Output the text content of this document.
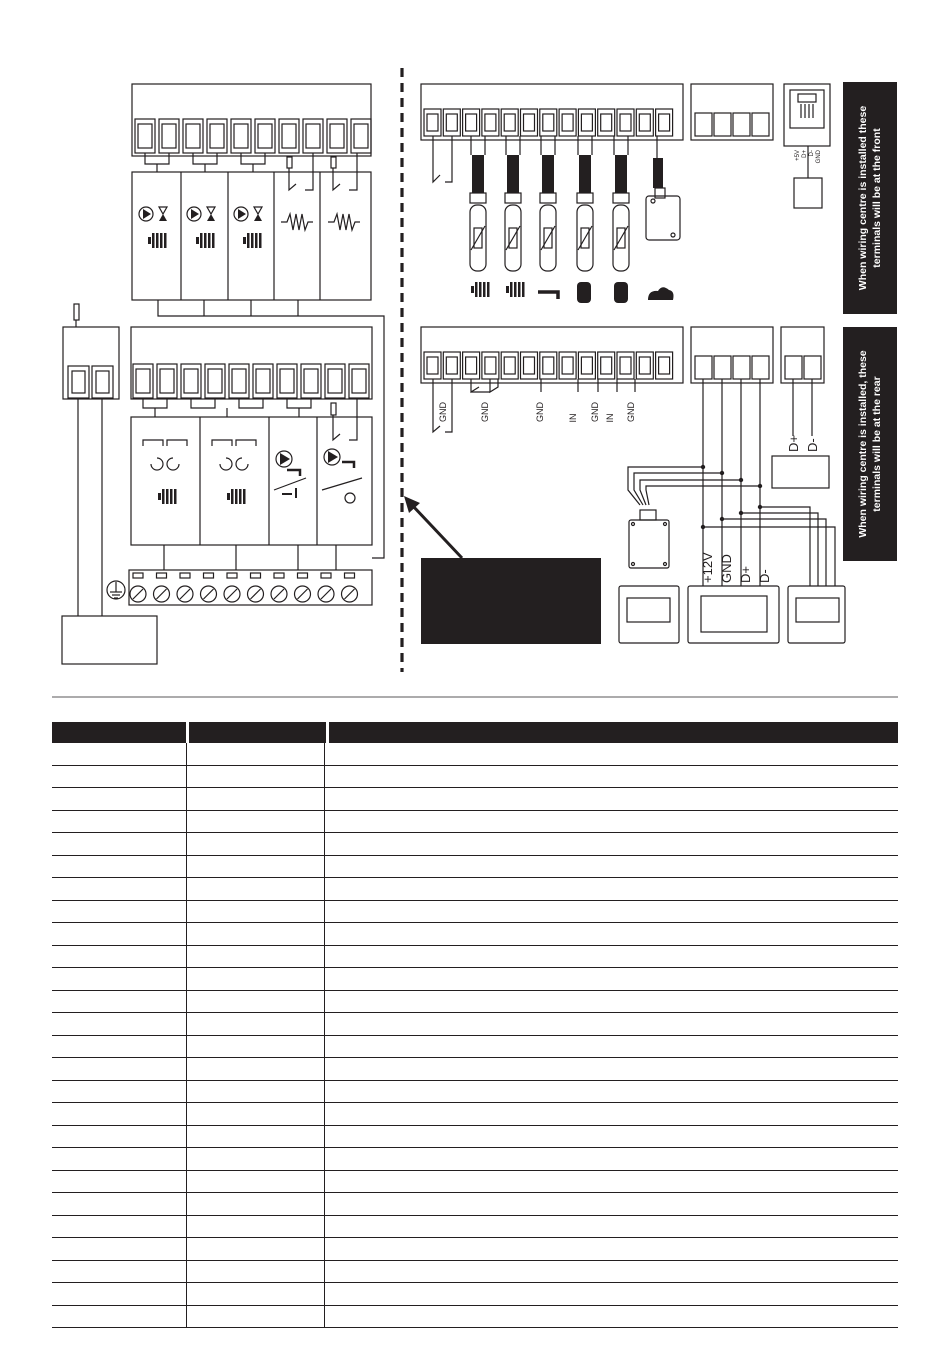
+5V D+ D- GND
GND	GND	GND	IN GND IN GND
+12V GND D+ D-
D+ D-
When wiring centre is installed these terminals will be at the front
When wiring centre is installed, these terminals will be at the rear
